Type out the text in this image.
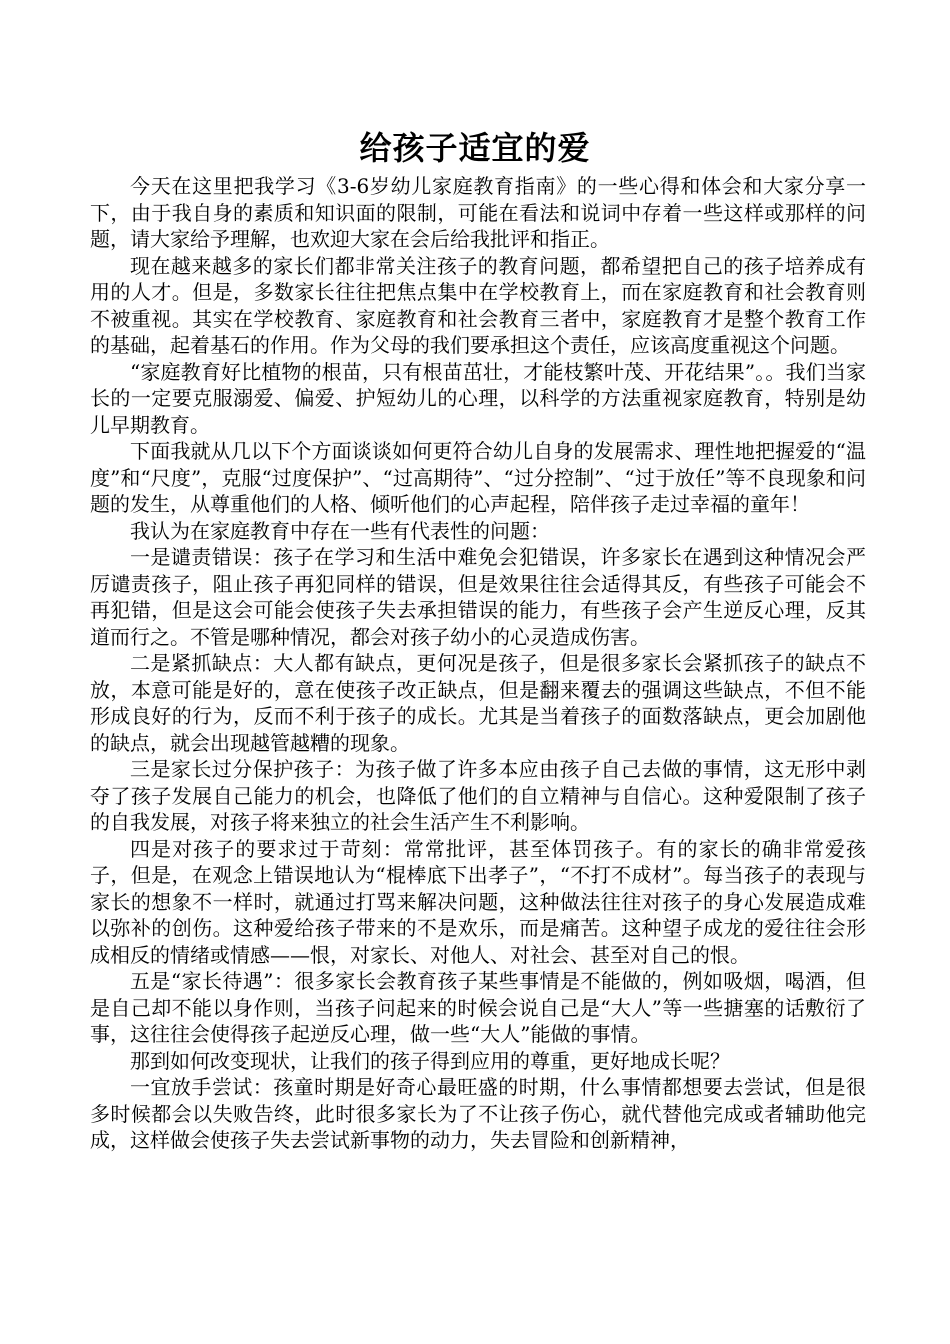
给孩子适宜的爱

今天在这里把我学习《3-6岁幼儿家庭教育指南》的一些心得和体会和大家分享一下，由于我自身的素质和知识面的限制，可能在看法和说词中存着一些这样或那样的问题，请大家给予理解，也欢迎大家在会后给我批评和指正。

现在越来越多的家长们都非常关注孩子的教育问题，都希望把自己的孩子培养成有用的人才。但是，多数家长往往把焦点集中在学校教育上，而在家庭教育和社会教育则不被重视。其实在学校教育、家庭教育和社会教育三者中，家庭教育才是整个教育工作的基础，起着基石的作用。作为父母的我们要承担这个责任，应该高度重视这个问题。

“家庭教育好比植物的根苗，只有根苗茁壮，才能枝繁叶茂、开花结果”。。我们当家长的一定要克服溺爱、偏爱、护短幼儿的心理，以科学的方法重视家庭教育，特别是幼儿早期教育。

下面我就从几以下个方面谈谈如何更符合幼儿自身的发展需求、理性地把握爱的“温度”和“尺度”，克服“过度保护”、“过高期待”、“过分控制”、“过于放任”等不良现象和问题的发生，从尊重他们的人格、倾听他们的心声起程，陪伴孩子走过幸福的童年！

我认为在家庭教育中存在一些有代表性的问题：

一是谴责错误：孩子在学习和生活中难免会犯错误，许多家长在遇到这种情况会严厉谴责孩子，阻止孩子再犯同样的错误，但是效果往往会适得其反，有些孩子可能会不再犯错，但是这会可能会使孩子失去承担错误的能力，有些孩子会产生逆反心理，反其道而行之。不管是哪种情况，都会对孩子幼小的心灵造成伤害。

二是紧抓缺点：大人都有缺点，更何况是孩子，但是很多家长会紧抓孩子的缺点不放，本意可能是好的，意在使孩子改正缺点，但是翻来覆去的强调这些缺点，不但不能形成良好的行为，反而不利于孩子的成长。尤其是当着孩子的面数落缺点，更会加剧他的缺点，就会出现越管越糟的现象。

三是家长过分保护孩子：为孩子做了许多本应由孩子自己去做的事情，这无形中剥夺了孩子发展自己能力的机会，也降低了他们的自立精神与自信心。这种爱限制了孩子的自我发展，对孩子将来独立的社会生活产生不利影响。

四是对孩子的要求过于苛刻：常常批评，甚至体罚孩子。有的家长的确非常爱孩子，但是，在观念上错误地认为“棍棒底下出孝子”，“不打不成材”。每当孩子的表现与家长的想象不一样时，就通过打骂来解决问题，这种做法往往对孩子的身心发展造成难以弥补的创伤。这种爱给孩子带来的不是欢乐，而是痛苦。这种望子成龙的爱往往会形成相反的情绪或情感——恨，对家长、对他人、对社会、甚至对自己的恨。

五是“家长待遇”：很多家长会教育孩子某些事情是不能做的，例如吸烟，喝酒，但是自己却不能以身作则，当孩子问起来的时候会说自己是“大人”等一些搪塞的话敷衍了事，这往往会使得孩子起逆反心理，做一些“大人”能做的事情。

那到如何改变现状，让我们的孩子得到应用的尊重，更好地成长呢？

一宜放手尝试：孩童时期是好奇心最旺盛的时期，什么事情都想要去尝试，但是很多时候都会以失败告终，此时很多家长为了不让孩子伤心，就代替他完成或者辅助他完成，这样做会使孩子失去尝试新事物的动力，失去冒险和创新精神，
